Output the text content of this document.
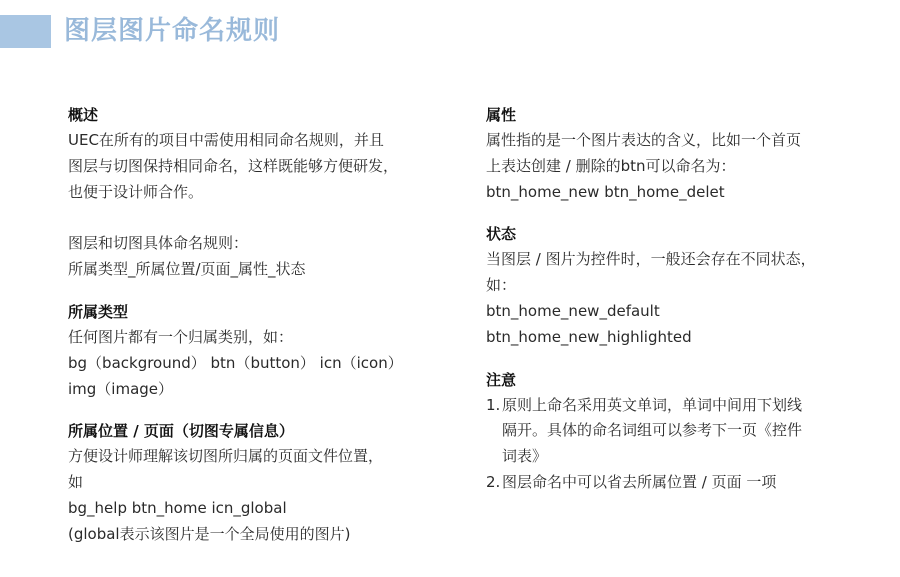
图层图片命名规则
概述
UEC在所有的项目中需使用相同命名规则，并且
图层与切图保持相同命名，这样既能够方便研发，
也便于设计师合作。
图层和切图具体命名规则：
所属类型_所属位置/页面_属性_状态
所属类型
任何图片都有一个归属类别，如：
bg（background） btn（button） icn（icon）
img（image）
所属位置 / 页面（切图专属信息）
方便设计师理解该切图所归属的页面文件位置，
如
bg_help btn_home icn_global
(global表示该图片是一个全局使用的图片)
属性
属性指的是一个图片表达的含义，比如一个首页
上表达创建 / 删除的btn可以命名为：
btn_home_new btn_home_delet
状态
当图层 / 图片为控件时，一般还会存在不同状态，
如：
btn_home_new_default
btn_home_new_highlighted
注意
1. 原则上命名采用英文单词，单词中间用下划线
隔开。具体的命名词组可以参考下一页《控件
词表》
2. 图层命名中可以省去所属位置 / 页面 一项
